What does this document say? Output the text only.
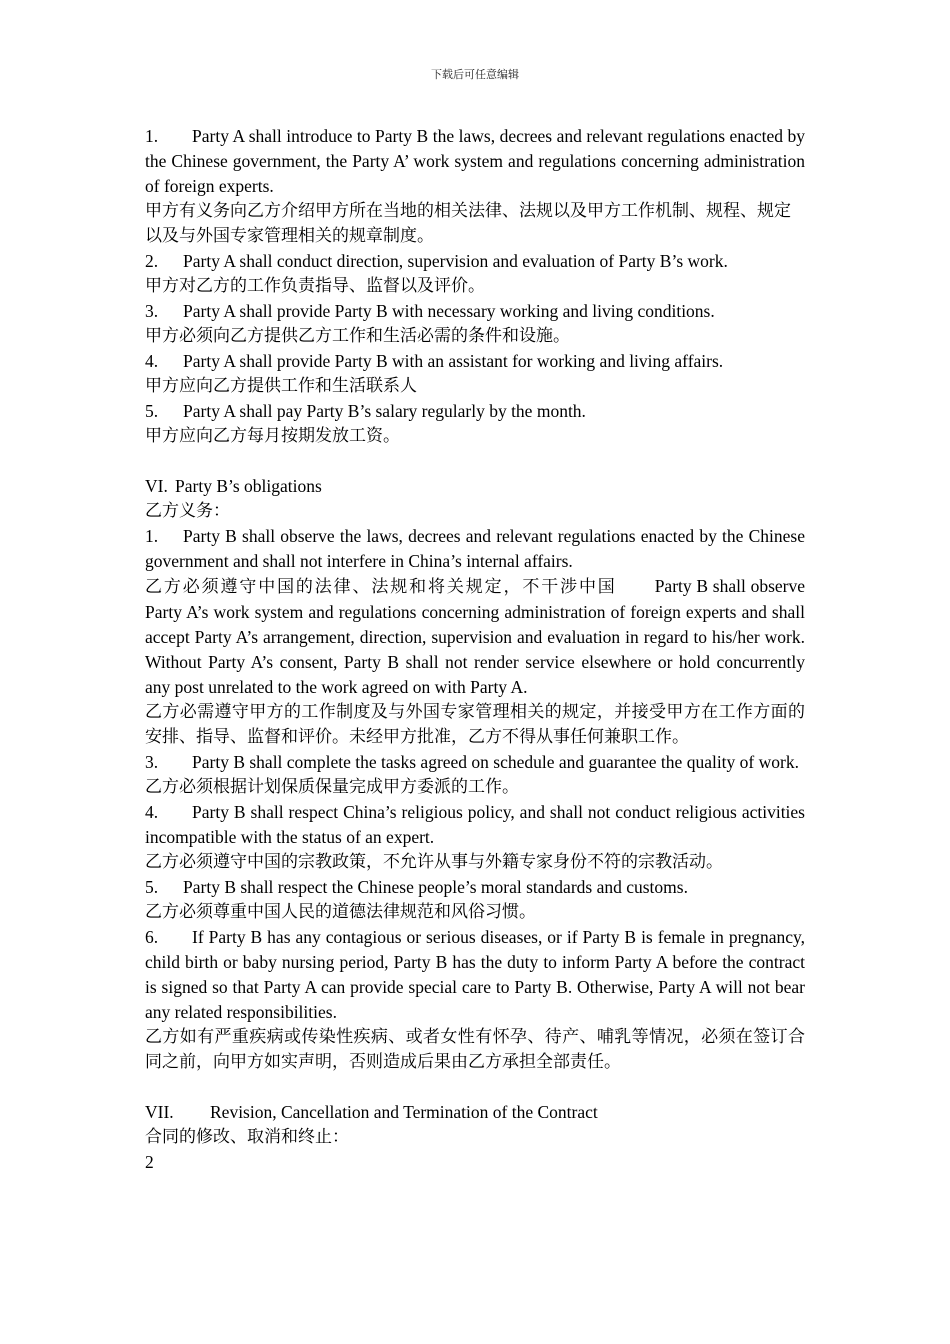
下载后可任意编辑

1. Party A shall introduce to Party B the laws, decrees and relevant regulations enacted by the Chinese government, the Party A’ work system and regulations concerning administration of foreign experts.

甲方有义务向乙方介绍甲方所在当地的相关法律、法规以及甲方工作机制、规程、规定以及与外国专家管理相关的规章制度。

2. Party A shall conduct direction, supervision and evaluation of Party B’s work.

甲方对乙方的工作负责指导、监督以及评价。

3. Party A shall provide Party B with necessary working and living conditions.

甲方必须向乙方提供乙方工作和生活必需的条件和设施。

4. Party A shall provide Party B with an assistant for working and living affairs.

甲方应向乙方提供工作和生活联系人

5. Party A shall pay Party B’s salary regularly by the month.

甲方应向乙方每月按期发放工资。

VI. Party B’s obligations

乙方义务：

1. Party B shall observe the laws, decrees and relevant regulations enacted by the Chinese government and shall not interfere in China’s internal affairs.

乙方必须遵守中国的法律、法规和将关规定，不干涉中国 Party B shall observe Party A’s work system and regulations concerning administration of foreign experts and shall accept Party A’s arrangement, direction, supervision and evaluation in regard to his/her work. Without Party A’s consent, Party B shall not render service elsewhere or hold concurrently any post unrelated to the work agreed on with Party A.

乙方必需遵守甲方的工作制度及与外国专家管理相关的规定，并接受甲方在工作方面的安排、指导、监督和评价。未经甲方批准，乙方不得从事任何兼职工作。

3. Party B shall complete the tasks agreed on schedule and guarantee the quality of work.

乙方必须根据计划保质保量完成甲方委派的工作。

4. Party B shall respect China’s religious policy, and shall not conduct religious activities incompatible with the status of an expert.

乙方必须遵守中国的宗教政策，不允许从事与外籍专家身份不符的宗教活动。

5. Party B shall respect the Chinese people’s moral standards and customs.

乙方必须尊重中国人民的道德法律规范和风俗习惯。

6. If Party B has any contagious or serious diseases, or if Party B is female in pregnancy, child birth or baby nursing period, Party B has the duty to inform Party A before the contract is signed so that Party A can provide special care to Party B. Otherwise, Party A will not bear any related responsibilities.

乙方如有严重疾病或传染性疾病、或者女性有怀孕、待产、哺乳等情况，必须在签订合同之前，向甲方如实声明，否则造成后果由乙方承担全部责任。

VII. Revision, Cancellation and Termination of the Contract

合同的修改、取消和终止：

2
